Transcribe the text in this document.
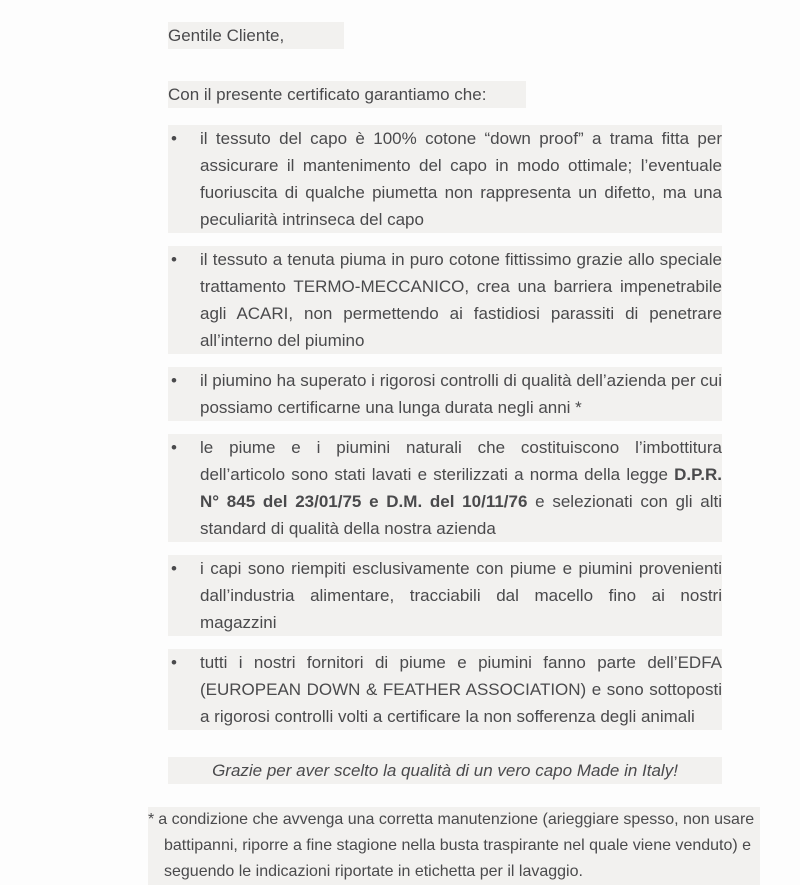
Gentile Cliente,
Con il presente certificato garantiamo che:
•	il tessuto del capo è 100% cotone “down proof” a trama fitta per assicurare il mantenimento del capo in modo ottimale; l’eventuale fuoriuscita di qualche piumetta non rappresenta un difetto, ma una peculiarità intrinseca del capo
•	il tessuto a tenuta piuma in puro cotone fittissimo grazie allo speciale trattamento TERMO-MECCANICO, crea una barriera impenetrabile agli ACARI, non permettendo ai fastidiosi parassiti di penetrare all’interno del piumino
•	il piumino ha superato i rigorosi controlli di qualità dell’azienda per cui possiamo certificarne una lunga durata negli anni *
•	le piume e i piumini naturali che costituiscono l’imbottitura dell’articolo sono stati lavati e sterilizzati a norma della legge D.P.R. N° 845 del 23/01/75 e D.M. del 10/11/76 e selezionati con gli alti standard di qualità della nostra azienda
•	i capi sono riempiti esclusivamente con piume e piumini provenienti dall’industria alimentare, tracciabili dal macello fino ai nostri magazzini
•	tutti i nostri fornitori di piume e piumini fanno parte dell’EDFA (EUROPEAN DOWN & FEATHER ASSOCIATION) e sono sottoposti a rigorosi controlli volti a certificare la non sofferenza degli animali

Grazie per aver scelto la qualità di un vero capo Made in Italy!

* a condizione che avvenga una corretta manutenzione (arieggiare spesso, non usare battipanni, riporre a fine stagione nella busta traspirante nel quale viene venduto) e seguendo le indicazioni riportate in etichetta per il lavaggio.
